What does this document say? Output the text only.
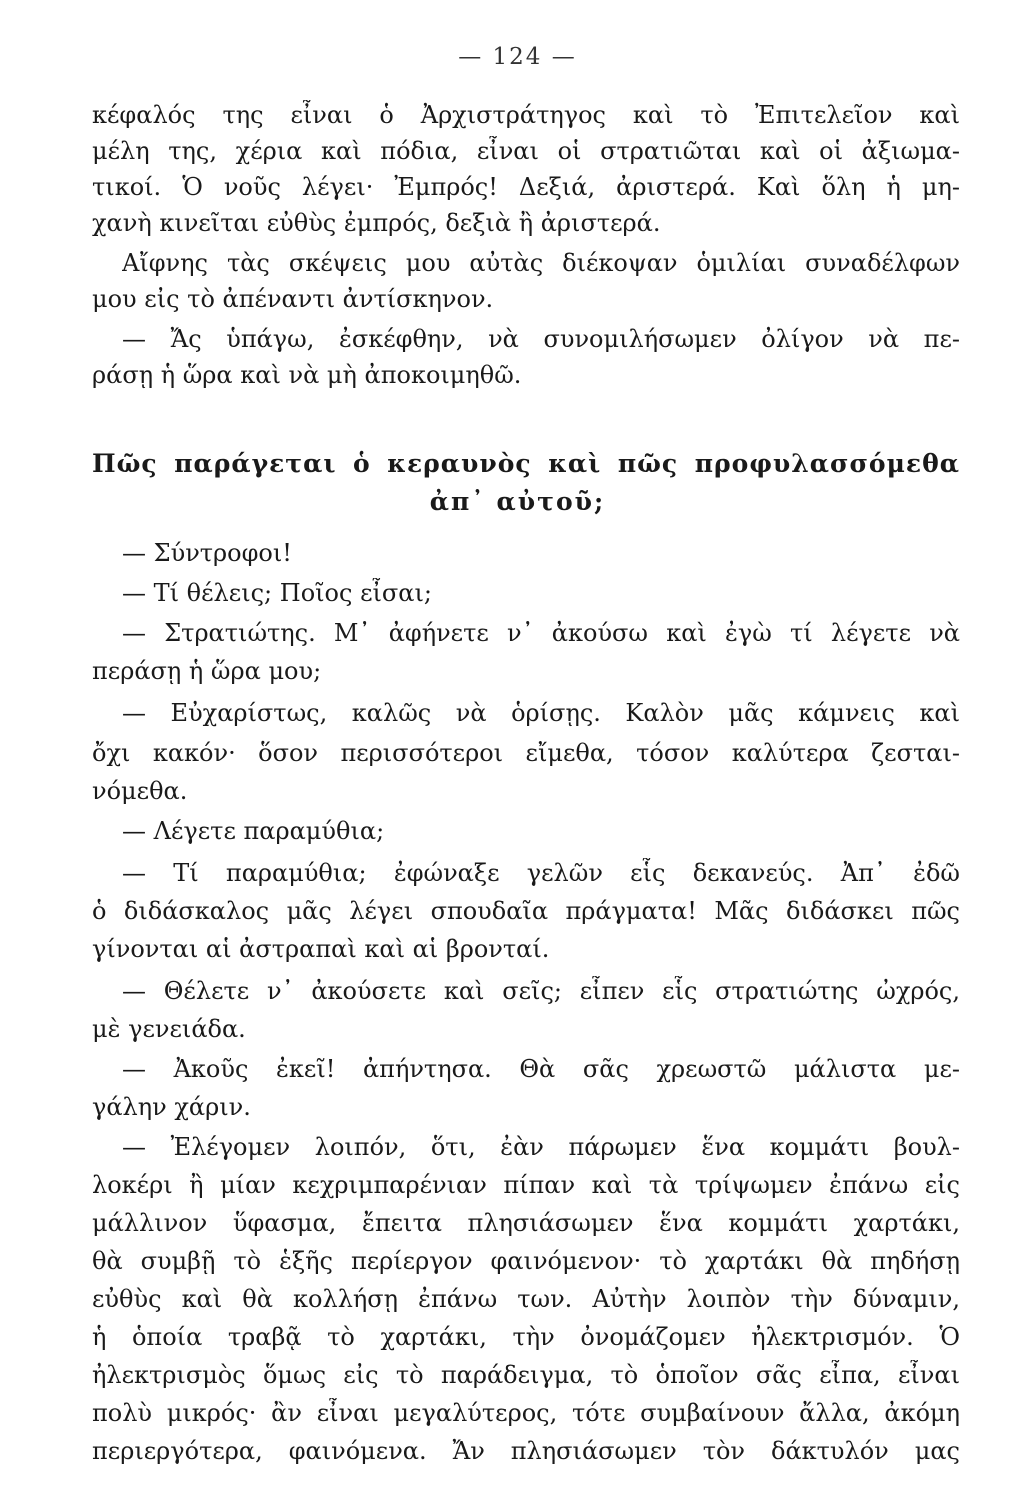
— 124 —

κέφαλός της εἶναι ὁ Ἀρχιστράτηγος καὶ τὸ Ἐπιτελεῖον καὶ

μέλη της, χέρια καὶ πόδια, εἶναι οἱ στρατιῶται καὶ οἱ ἀξιωμα-

τικοί. Ὁ νοῦς λέγει· Ἐμπρός! Δεξιά, ἀριστερά. Καὶ ὅλη ἡ μη-

χανὴ κινεῖται εὐθὺς ἐμπρός, δεξιὰ ἢ ἀριστερά.

Αἴφνης τὰς σκέψεις μου αὐτὰς διέκοψαν ὁμιλίαι συναδέλφων

μου εἰς τὸ ἀπέναντι ἀντίσκηνον.

— Ἄς ὑπάγω, ἐσκέφθην, νὰ συνομιλήσωμεν ὀλίγον νὰ πε-

ράσῃ ἡ ὥρα καὶ νὰ μὴ ἀποκοιμηθῶ.

Πῶς παράγεται ὁ κεραυνὸς καὶ πῶς προφυλασσόμεθα

ἀπ᾽ αὐτοῦ;

— Σύντροφοι!

— Τί θέλεις; Ποῖος εἶσαι;

— Στρατιώτης. Μ᾽ ἀφήνετε ν᾽ ἀκούσω καὶ ἐγὼ τί λέγετε νὰ

περάσῃ ἡ ὥρα μου;

— Εὐχαρίστως, καλῶς νὰ ὁρίσῃς. Καλὸν μᾶς κάμνεις καὶ

ὄχι κακόν· ὅσον περισσότεροι εἴμεθα, τόσον καλύτερα ζεσται-

νόμεθα.

— Λέγετε παραμύθια;

— Τί παραμύθια; ἐφώναξε γελῶν εἷς δεκανεύς. Ἀπ᾽ ἐδῶ

ὁ διδάσκαλος μᾶς λέγει σπουδαῖα πράγματα! Μᾶς διδάσκει πῶς

γίνονται αἱ ἀστραπαὶ καὶ αἱ βρονταί.

— Θέλετε ν᾽ ἀκούσετε καὶ σεῖς; εἶπεν εἷς στρατιώτης ὠχρός,

μὲ γενειάδα.

— Ἀκοῦς ἐκεῖ! ἀπήντησα. Θὰ σᾶς χρεωστῶ μάλιστα με-

γάλην χάριν.

— Ἐλέγομεν λοιπόν, ὅτι, ἐὰν πάρωμεν ἕνα κομμάτι βουλ-

λοκέρι ἢ μίαν κεχριμπαρένιαν πίπαν καὶ τὰ τρίψωμεν ἐπάνω εἰς

μάλλινον ὕφασμα, ἔπειτα πλησιάσωμεν ἕνα κομμάτι χαρτάκι,

θὰ συμβῇ τὸ ἑξῆς περίεργον φαινόμενον· τὸ χαρτάκι θὰ πηδήσῃ

εὐθὺς καὶ θὰ κολλήσῃ ἐπάνω των. Αὐτὴν λοιπὸν τὴν δύναμιν,

ἡ ὁποία τραβᾷ τὸ χαρτάκι, τὴν ὀνομάζομεν ἠλεκτρισμόν. Ὁ

ἠλεκτρισμὸς ὅμως εἰς τὸ παράδειγμα, τὸ ὁποῖον σᾶς εἶπα, εἶναι

πολὺ μικρός· ἂν εἶναι μεγαλύτερος, τότε συμβαίνουν ἄλλα, ἀκόμη

περιεργότερα, φαινόμενα. Ἄν πλησιάσωμεν τὸν δάκτυλόν μας
